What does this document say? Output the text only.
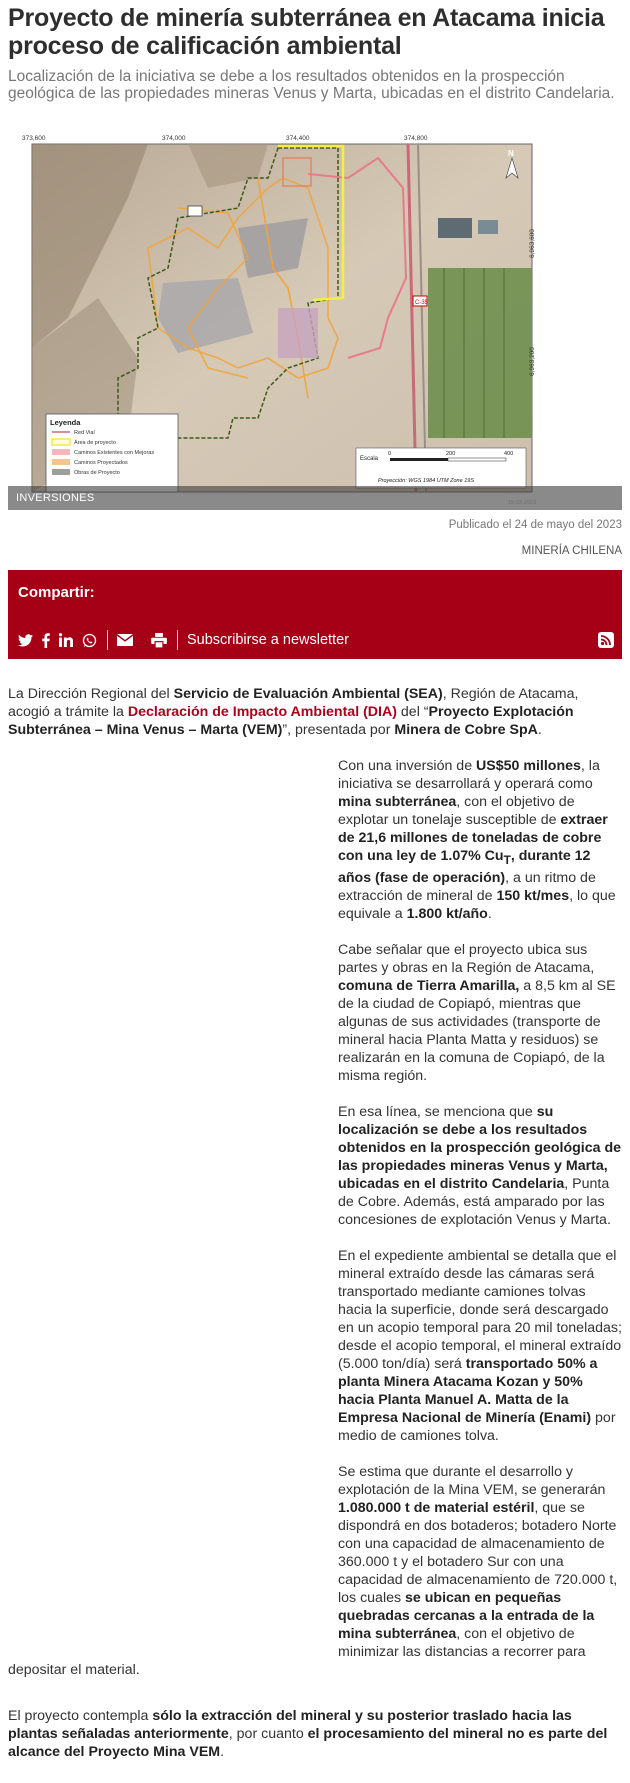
Proyecto de minería subterránea en Atacama inicia proceso de calificación ambiental
Localización de la iniciativa se debe a los resultados obtenidos en la prospección geológica de las propiedades mineras Venus y Marta, ubicadas en el distrito Candelaria.
C-35
373,600	374,000	374,400	374,800
6,963,600
6,963,200
N
Leyenda
Red Vial
Área de proyecto
Caminos Existentes con Mejoras
Caminos Proyectados
Obras de Proyecto
Escala
0	200	400
Proyección: WGS 1984 UTM Zone 19S
INVERSIONES
Publicado el 24 de mayo del 2023
MINERÍA CHILENA
Compartir:
Subscribirse a newsletter

La Dirección Regional del Servicio de Evaluación Ambiental (SEA), Región de Atacama, acogió a trámite la Declaración de Impacto Ambiental (DIA) del “Proyecto Explotación Subterránea – Mina Venus – Marta (VEM)”, presentada por Minera de Cobre SpA.

Con una inversión de US$50 millones, la iniciativa se desarrollará y operará como mina subterránea, con el objetivo de explotar un tonelaje susceptible de extraer de 21,6 millones de toneladas de cobre con una ley de 1.07% $Cu_T$, durante 12 años (fase de operación), a un ritmo de extracción de mineral de 150 kt/mes, lo que equivale a 1.800 kt/año.

Cabe señalar que el proyecto ubica sus partes y obras en la Región de Atacama, comuna de Tierra Amarilla, a 8,5 km al SE de la ciudad de Copiapó, mientras que algunas de sus actividades (transporte de mineral hacia Planta Matta y residuos) se realizarán en la comuna de Copiapó, de la misma región.

En esa línea, se menciona que su localización se debe a los resultados obtenidos en la prospección geológica de las propiedades mineras Venus y Marta, ubicadas en el distrito Candelaria, Punta de Cobre. Además, está amparado por las concesiones de explotación Venus y Marta.

En el expediente ambiental se detalla que el mineral extraído desde las cámaras será transportado mediante camiones tolvas hacia la superficie, donde será descargado en un acopio temporal para 20 mil toneladas; desde el acopio temporal, el mineral extraído (5.000 ton/día) será transportado 50% a planta Minera Atacama Kozan y 50% hacia Planta Manuel A. Matta de la Empresa Nacional de Minería (Enami) por medio de camiones tolva.

Se estima que durante el desarrollo y explotación de la Mina VEM, se generarán 1.080.000 t de material estéril, que se dispondrá en dos botaderos; botadero Norte con una capacidad de almacenamiento de 360.000 t y el botadero Sur con una capacidad de almacenamiento de 720.000 t, los cuales se ubican en pequeñas quebradas cercanas a la entrada de la mina subterránea, con el objetivo de minimizar las distancias a recorrer para depositar el material.

El proyecto contempla sólo la extracción del mineral y su posterior traslado hacia las plantas señaladas anteriormente, por cuanto el procesamiento del mineral no es parte del alcance del Proyecto Mina VEM.
